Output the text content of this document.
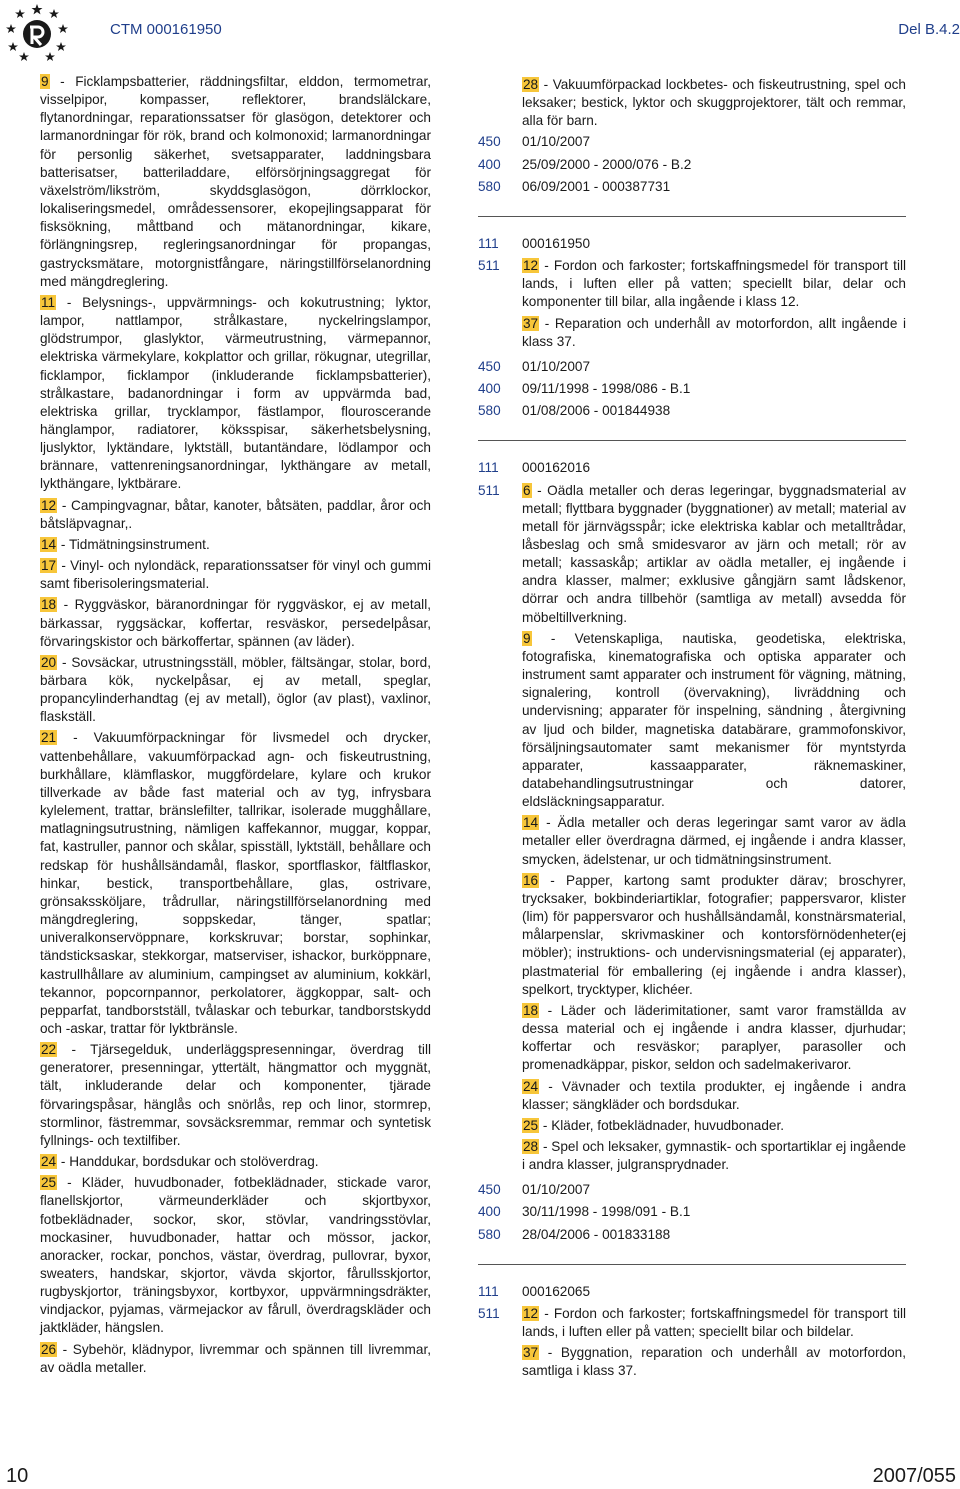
CTM 000161950	Del B.4.2

9 - Ficklampsbatterier, räddningsfiltar, elddon, termometrar, visselpipor, kompasser, reflektorer, brandslälckare, flytanordningar, reparationssatser för glasögon, detektorer och larmanordningar för rök, brand och kolmonoxid; larmanordningar för personlig säkerhet, svetsapparater, laddningsbara batterisatser, batteriladdare, elförsörjningsaggregat för växelström/likström, skyddsglasögon, dörrklockor, lokaliseringsmedel, områdessensorer, ekopejlingsapparat för fisksökning, måttband och mätanordningar, kikare, förlängningsrep, regleringsanordningar för propangas, gastrycksmätare, motorgnistfångare, näringstillförselanordning med mängdreglering.

11 - Belysnings-, uppvärmnings- och kokutrustning; lyktor, lampor, nattlampor, strålkastare, nyckelringslampor, glödstrumpor, glaslyktor, värmeutrustning, värmepannor, elektriska värmekylare, kokplattor och grillar, rökugnar, utegrillar, ficklampor, ficklampor (inkluderande ficklampsbatterier), strålkastare, badanordningar i form av uppvärmda bad, elektriska grillar, trycklampor, fästlampor, flouroscerande hänglampor, radiatorer, köksspisar, säkerhetsbelysning, ljuslyktor, lyktändare, lyktställ, butantändare, lödlampor och brännare, vattenreningsanordningar, lykthängare av metall, lykthängare, lyktbärare.

12 - Campingvagnar, båtar, kanoter, båtsäten, paddlar, åror och båtsläpvagnar,.

14 - Tidmätningsinstrument.

17 - Vinyl- och nylondäck, reparationssatser för vinyl och gummi samt fiberisoleringsmaterial.

18 - Ryggväskor, bäranordningar för ryggväskor, ej av metall, bärkassar, ryggsäckar, koffertar, resväskor, persedelpåsar, förvaringskistor och bärkoffertar, spännen (av läder).

20 - Sovsäckar, utrustningsställ, möbler, fältsängar, stolar, bord, bärbara kök, nyckelpåsar, ej av metall, speglar, propancylinderhandtag (ej av metall), öglor (av plast), vaxlinor, flaskställ.

21 - Vakuumförpackningar för livsmedel och drycker, vattenbehållare, vakuumförpackad agn- och fiskeutrustning, burkhållare, klämflaskor, muggfördelare, kylare och krukor tillverkade av både fast material och av tyg, infrysbara kylelement, trattar, bränslefilter, tallrikar, isolerade mugghållare, matlagningsutrustning, nämligen kaffekannor, muggar, koppar, fat, kastruller, pannor och skålar, spisställ, lyktställ, behållare och redskap för hushållsändamål, flaskor, sportflaskor, fältflaskor, hinkar, bestick, transportbehållare, glas, ostrivare, grönsakssköljare, trådrullar, näringstillförselanordning med mängdreglering, soppskedar, tänger, spatlar; univeralkonservöppnare, korkskruvar; borstar, sophinkar, tändsticksaskar, stekkorgar, matserviser, ishackor, burköppnare, kastrullhållare av aluminium, campingset av aluminium, kokkärl, tekannor, popcornpannor, perkolatorer, äggkoppar, salt- och pepparfat, tandborstställ, tvålaskar och teburkar, tandborstskydd och -askar, trattar för lyktbränsle.

22 - Tjärsegelduk, underläggspresenningar, överdrag till generatorer, presenningar, yttertält, hängmattor och myggnät, tält, inkluderande delar och komponenter, tjärade förvaringspåsar, hänglås och snörlås, rep och linor, stormrep, stormlinor, fästremmar, sovsäcksremmar, remmar och syntetisk fyllnings- och textilfiber.

24 - Handdukar, bordsdukar och stolöverdrag.

25 - Kläder, huvudbonader, fotbeklädnader, stickade varor, flanellskjortor, värmeunderkläder och skjortbyxor, fotbeklädnader, sockor, skor, stövlar, vandringsstövlar, mockasiner, huvudbonader, hattar och mössor, jackor, anoracker, rockar, ponchos, västar, överdrag, pullovrar, byxor, sweaters, handskar, skjortor, vävda skjortor, fårullsskjortor, rugbyskjortor, träningsbyxor, kortbyxor, uppvärmningsdräkter, vindjackor, pyjamas, värmejackor av fårull, överdragskläder och jaktkläder, hängslen.

26 - Sybehör, klädnypor, livremmar och spännen till livremmar, av oädla metaller.

28 - Vakuumförpackad lockbetes- och fiskeutrustning, spel och leksaker; bestick, lyktor och skuggprojektorer, tält och remmar, alla för barn.

450	01/10/2007
400	25/09/2000 - 2000/076 - B.2
580	06/09/2001 - 000387731
111	000161950
511	12 - Fordon och farkoster; fortskaffningsmedel för transport till lands, i luften eller på vatten; speciellt bilar, delar och komponenter till bilar, alla ingående i klass 12.

37 - Reparation och underhåll av motorfordon, allt ingående i klass 37.

450	01/10/2007
400	09/11/1998 - 1998/086 - B.1
580	01/08/2006 - 001844938
111	000162016
511	6 - Oädla metaller och deras legeringar, byggnadsmaterial av metall; flyttbara byggnader (byggnationer) av metall; material av metall för järnvägsspår; icke elektriska kablar och metalltrådar, låsbeslag och små smidesvaror av järn och metall; rör av metall; kassaskåp; artiklar av oädla metaller, ej ingående i andra klasser, malmer; exklusive gångjärn samt lådskenor, dörrar och andra tillbehör (samtliga av metall) avsedda för möbeltillverkning.

9 - Vetenskapliga, nautiska, geodetiska, elektriska, fotografiska, kinematografiska och optiska apparater och instrument samt apparater och instrument för vägning, mätning, signalering, kontroll (övervakning), livräddning och undervisning; apparater för inspelning, sändning , återgivning av ljud och bilder, magnetiska databärare, grammofonskivor, försäljningsautomater samt mekanismer för myntstyrda apparater, kassaapparater, räknemaskiner, databehandlingsutrustningar och datorer, eldsläckningsapparatur.

14 - Ädla metaller och deras legeringar samt varor av ädla metaller eller överdragna därmed, ej ingående i andra klasser, smycken, ädelstenar, ur och tidmätningsinstrument.

16 - Papper, kartong samt produkter därav; broschyrer, trycksaker, bokbinderiartiklar, fotografier; pappersvaror, klister (lim) för pappersvaror och hushållsändamål, konstnärsmaterial, målarpenslar, skrivmaskiner och kontorsförnödenheter(ej möbler); instruktions- och undervisningsmaterial (ej apparater), plastmaterial för emballering (ej ingående i andra klasser), spelkort, trycktyper, klichéer.

18 - Läder och läderimitationer, samt varor framställda av dessa material och ej ingående i andra klasser, djurhudar; koffertar och resväskor; paraplyer, parasoller och promenadkäppar, piskor, seldon och sadelmakerivaror.

24 - Vävnader och textila produkter, ej ingående i andra klasser; sängkläder och bordsdukar.

25 - Kläder, fotbeklädnader, huvudbonader.

28 - Spel och leksaker, gymnastik- och sportartiklar ej ingående i andra klasser, julgransprydnader.

450	01/10/2007
400	30/11/1998 - 1998/091 - B.1
580	28/04/2006 - 001833188
111	000162065
511	12 - Fordon och farkoster; fortskaffningsmedel för transport till lands, i luften eller på vatten; speciellt bilar och bildelar.

37 - Byggnation, reparation och underhåll av motorfordon, samtliga i klass 37.

10	2007/055
